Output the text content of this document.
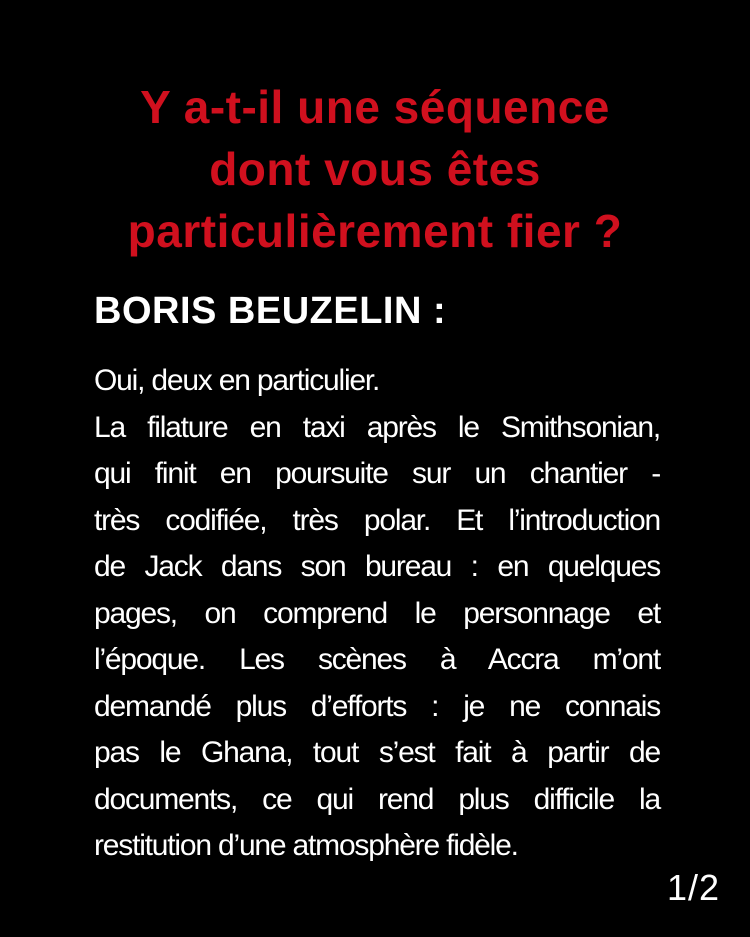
Y a-t-il une séquence
dont vous êtes
particulièrement fier ?
BORIS BEUZELIN :
Oui, deux en particulier.
La filature en taxi après le Smithsonian,
qui finit en poursuite sur un chantier -
très codifiée, très polar. Et l’introduction
de Jack dans son bureau : en quelques
pages, on comprend le personnage et
l’époque. Les scènes à Accra m’ont
demandé plus d’efforts : je ne connais
pas le Ghana, tout s’est fait à partir de
documents, ce qui rend plus difficile la
restitution d’une atmosphère fidèle.
1/2
